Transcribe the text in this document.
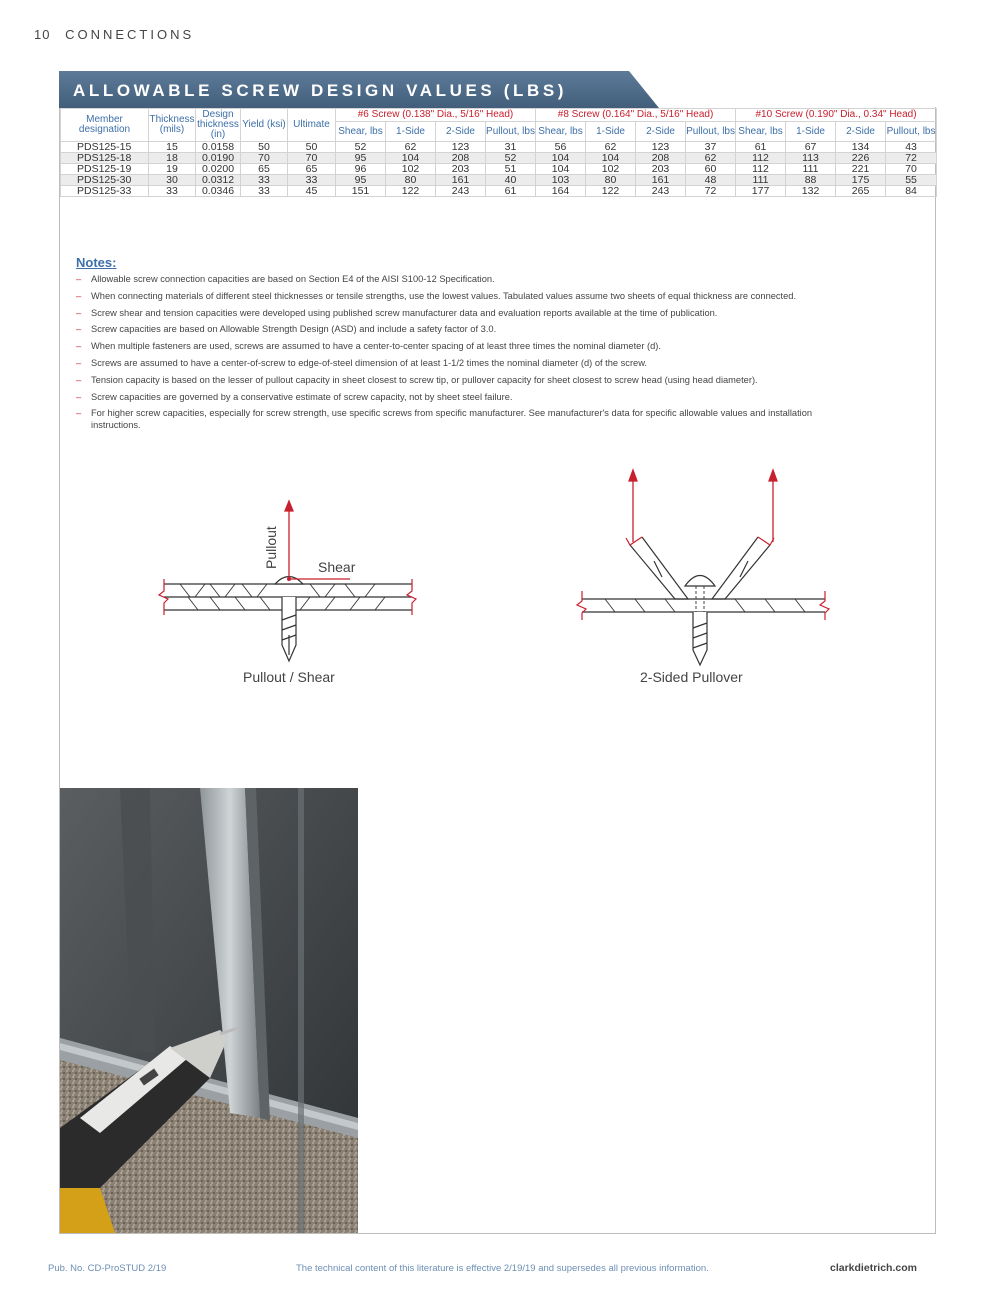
10 CONNECTIONS
ALLOWABLE SCREW DESIGN VALUES (LBS)
Member designation	Thickness (mils)	Design thickness (in)	Yield (ksi)	Ultimate	#6 Screw (0.138" Dia., 5/16" Head)				#8 Screw (0.164" Dia., 5/16" Head)				#10 Screw (0.190" Dia., 0.34" Head)			
					Shear, lbs	1-Side	2-Side	Pullout, lbs	Shear, lbs	1-Side	2-Side	Pullout, lbs	Shear, lbs	1-Side	2-Side	Pullout, lbs
PDS125-15	15	0.0158	50	50	52	62	123	31	56	62	123	37	61	67	134	43
PDS125-18	18	0.0190	70	70	95	104	208	52	104	104	208	62	112	113	226	72
PDS125-19	19	0.0200	65	65	96	102	203	51	104	102	203	60	112	111	221	70
PDS125-30	30	0.0312	33	33	95	80	161	40	103	80	161	48	111	88	175	55
PDS125-33	33	0.0346	33	45	151	122	243	61	164	122	243	72	177	132	265	84
Notes:
– Allowable screw connection capacities are based on Section E4 of the AISI S100-12 Specification.
– When connecting materials of different steel thicknesses or tensile strengths, use the lowest values. Tabulated values assume two sheets of equal thickness are connected.
– Screw shear and tension capacities were developed using published screw manufacturer data and evaluation reports available at the time of publication.
– Screw capacities are based on Allowable Strength Design (ASD) and include a safety factor of 3.0.
– When multiple fasteners are used, screws are assumed to have a center-to-center spacing of at least three times the nominal diameter (d).
– Screws are assumed to have a center-of-screw to edge-of-steel dimension of at least 1-1/2 times the nominal diameter (d) of the screw.
– Tension capacity is based on the lesser of pullout capacity in sheet closest to screw tip, or pullover capacity for sheet closest to screw head (using head diameter).
– Screw capacities are governed by a conservative estimate of screw capacity, not by sheet steel failure.
– For higher screw capacities, especially for screw strength, use specific screws from specific manufacturer. See manufacturer's data for specific allowable values and installation instructions.
Pullout	Shear
Pullout / Shear	2-Sided Pullover
Pub. No. CD-ProSTUD 2/19	The technical content of this literature is effective 2/19/19 and supersedes all previous information.	clarkdietrich.com
